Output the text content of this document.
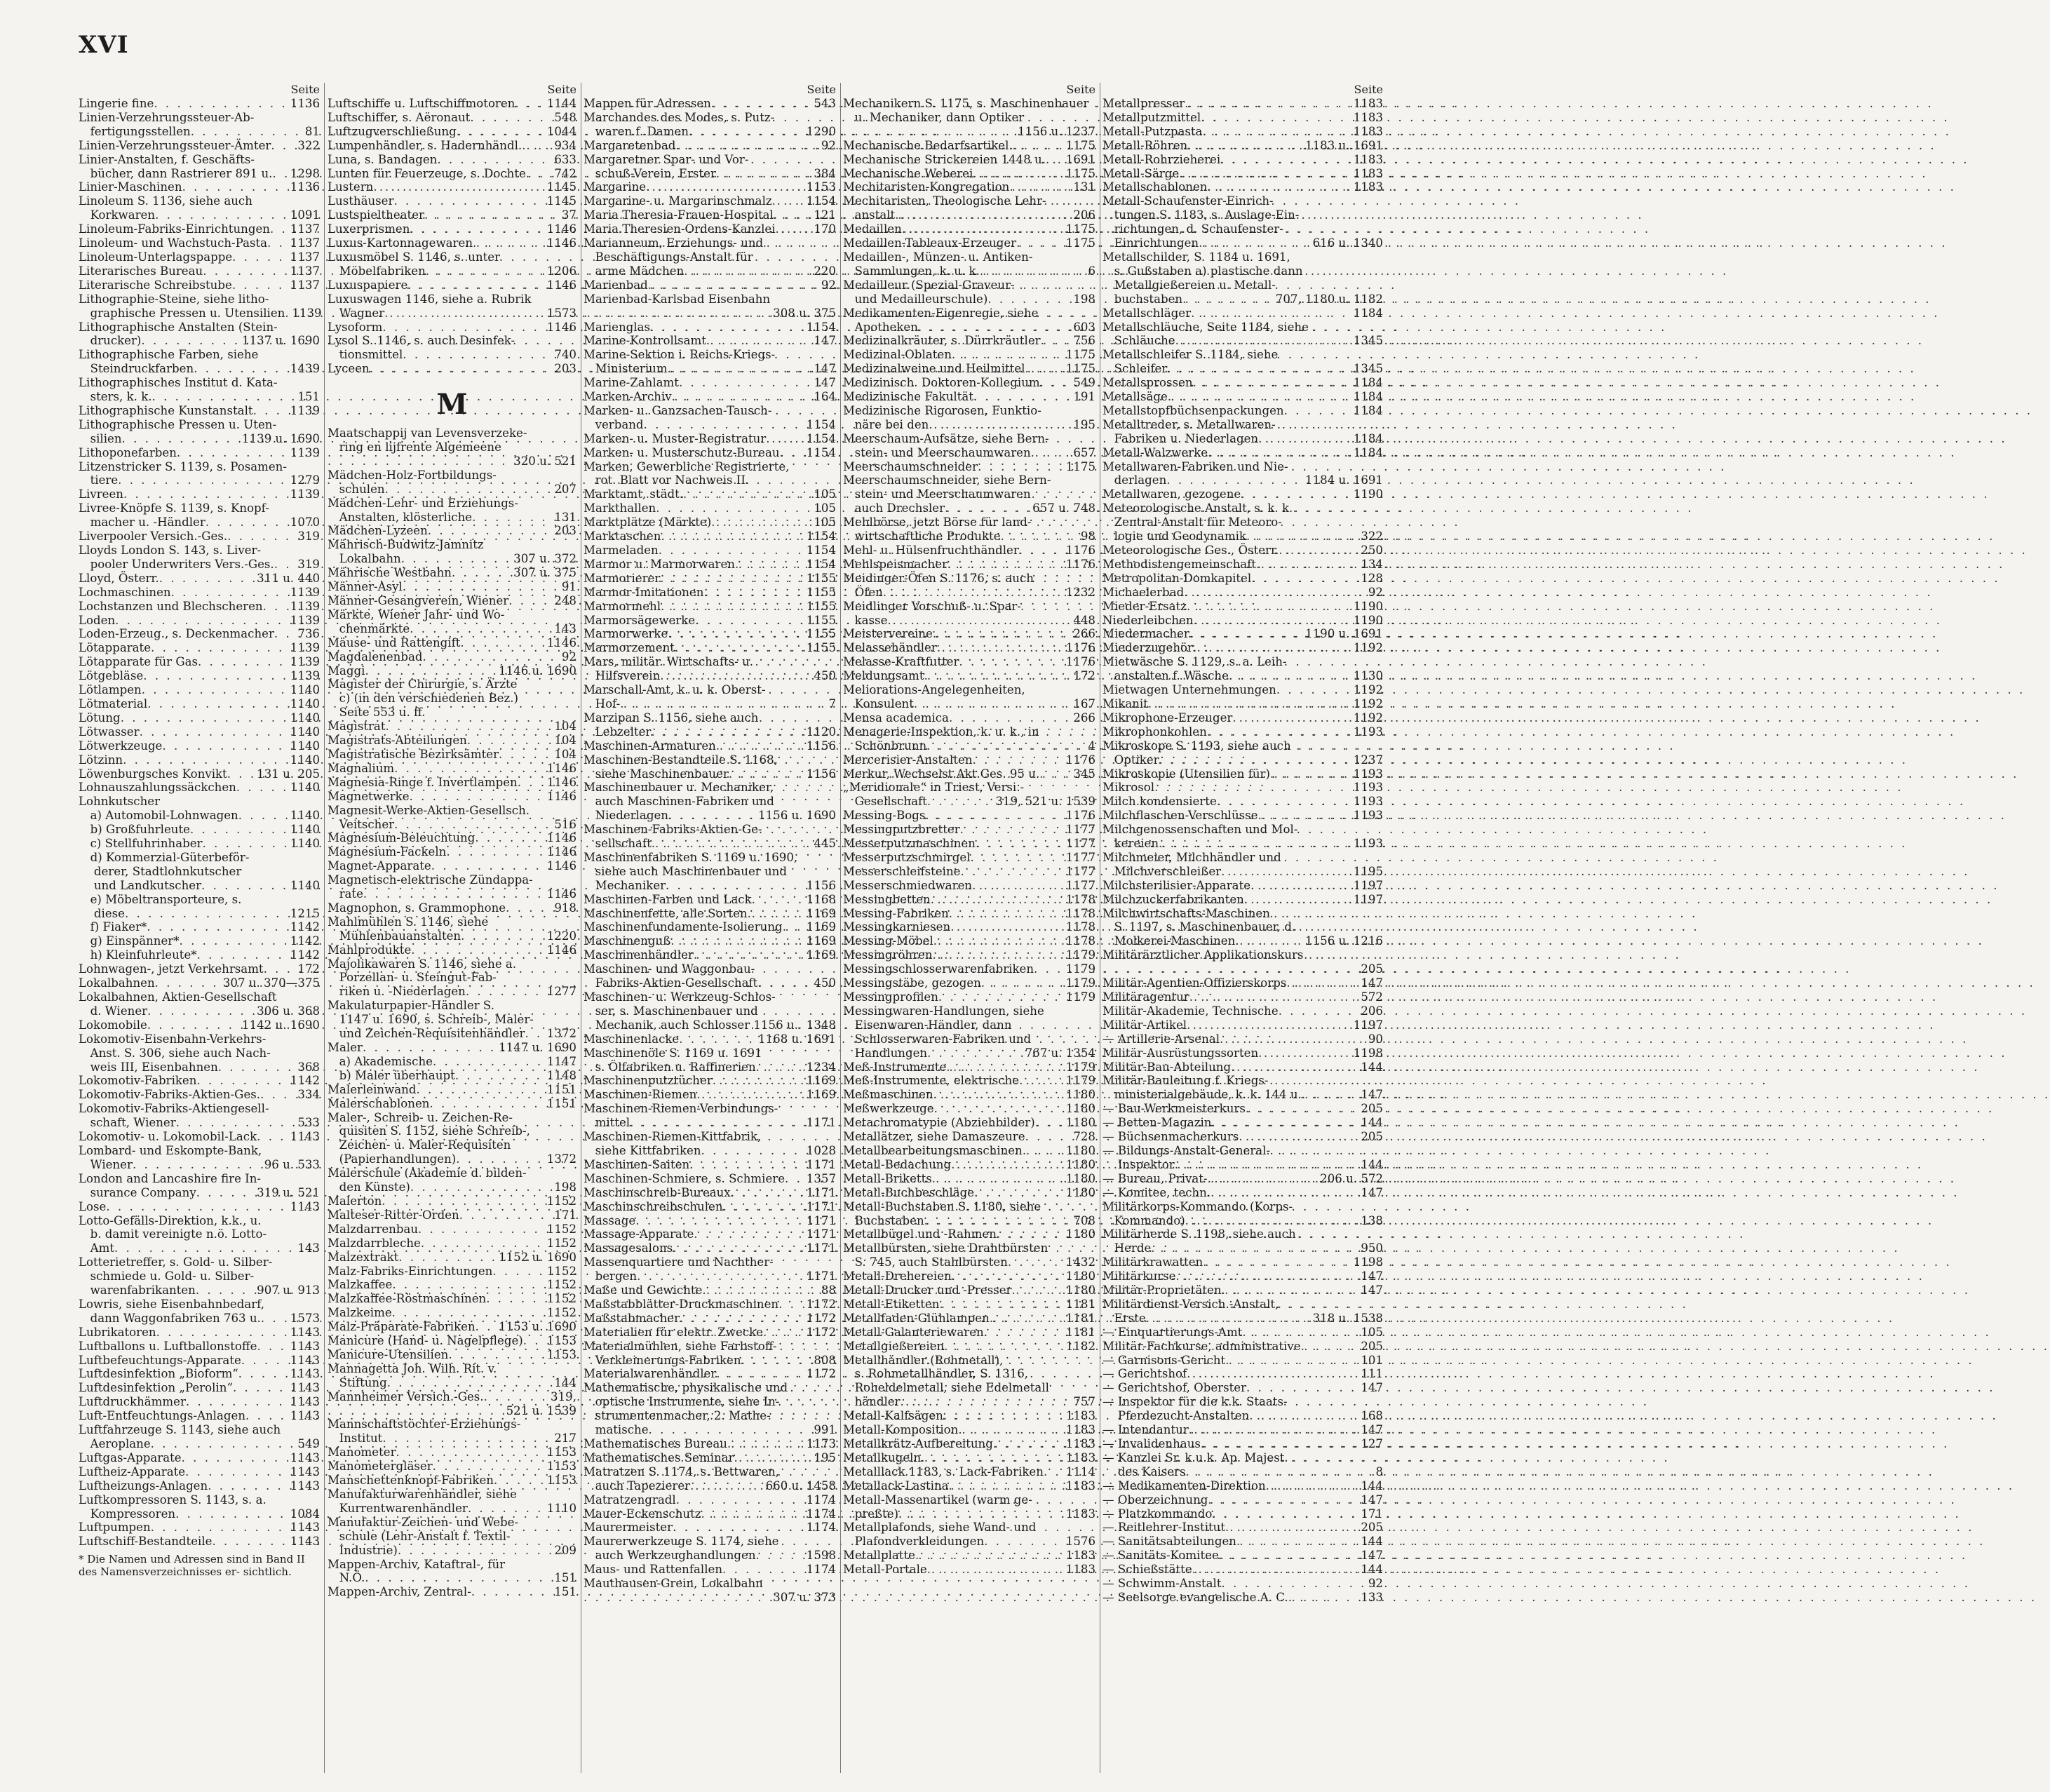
XVI
Seite
Lingerie fine . . .	1136
Linien-Verzehrungssteuer-Ab-
 fertigungsstellen . . .	81
Linien-Verzehrungssteuer-Ämter . . . 322
Linier-Anstalten, f. Geschäfts-
 bücher, dann Rastrierer 891 u. . . . 1298
Linier-Maschinen . . .	1136
Linoleum S. 1136, siehe auch
 Korkwaren . . .	1091
Linoleum-Fabriks-Einrichtungen . . . 1137
Linoleum- und Wachstuch-Pasta . . . 1137
Linoleum-Unterlagspappe . . .	1137
Literarisches Bureau . . .	1137
Literarische Schreibstube . . .	1137
Lithographie-Steine, siehe litho-
 graphische Pressen u. Utensilien . . . 1139
Lithographische Anstalten (Stein-
 drucker) . . .	1137 u. 1690
Lithographische Farben, siehe
 Steindruckfarben . . .	1439
Lithographisches Institut d. Kata-
 sters, k. k. . . .	151
Lithographische Kunstanstalt . . .	1139
Lithographische Pressen u. Uten-
 silien . . .	1139 u. 1690
Lithoponefarben . . .	1139
Litzenstricker S. 1139, s. Posamen-
 tiere . . .	1279
Livreen . . .	1139
Livree-Knöpfe S. 1139, s. Knopf-
 macher u. -Händler . . .	1070
Liverpooler Versich.-Ges. . . .	319
Lloyds London S. 143, s. Liver-
 pooler Underwriters Vers.-Ges. . . . 319
Lloyd, Österr. . . .	311 u. 440
Lochmaschinen . . .	1139
Lochstanzen und Blechscheren . . . 1139
Loden . . .	1139
Loden-Erzeug., s. Deckenmacher . . . 736
Lötapparate . . .	1139
Lötapparate für Gas . . .	1139
Lötgebläse . . .	1139
Lötlampen . . .	1140
Lötmaterial . . .	1140
Lötung . . .	1140
Lötwasser . . .	1140
Lötwerkzeuge . . .	1140
Lötzinn . . .	1140
Löwenburgsches Konvikt . . .	131 u. 205
Lohnauszahlungssäckchen . . .	1140
Lohnkutscher
 a) Automobil-Lohnwagen . . .	1140
 b) Großfuhrleute . . .	1140
 c) Stellfuhrinhaber . . .	1140
 d) Kommerzial-Güterbeför-
  derer, Stadtlohnkutscher
  und Landkutscher . . .	1140
 e) Möbeltransporteure, s.
  diese . . .	1215
 f) Fiaker* . . .	1142
 g) Einspänner* . . .	1142
 h) Kleinfuhrleute* . . .	1142
Lohnwagen-, jetzt Verkehrsamt . . .	172
Lokalbahnen . . .	307 u. 370—375
Lokalbahnen, Aktien-Gesellschaft
 d. Wiener . . .	306 u. 368
Lokomobile . . .	1142 u. 1690
Lokomotiv-Eisenbahn-Verkehrs-
 Anst. S. 306, siehe auch Nach-
 weis III, Eisenbahnen . . .	368
Lokomotiv-Fabriken . . .	1142
Lokomotiv-Fabriks-Aktien-Ges. . . .	334
Lokomotiv-Fabriks-Aktiengesell-
 schaft, Wiener . . .	533
Lokomotiv- u. Lokomobil-Lack . . .	1143
Lombard- und Eskompte-Bank,
 Wiener . . .	96 u. 533
London and Lancashire fire In-
 surance Company . . .	319 u. 521
Lose . . .	1143
Lotto-Gefälls-Direktion, k.k., u.
 b. damit vereinigte n.ö. Lotto-
 Amt . . .	143
Lotterietreffer, s. Gold- u. Silber-
 schmiede u. Gold- u. Silber-
 warenfabrikanten . . .	907 u. 913
Lowris, siehe Eisenbahnbedarf,
 dann Waggonfabriken 763 u. . . .	1573
Lubrikatoren . . .	1143
Luftballons u. Luftballonstoffe . . .	1143
Luftbefeuchtungs-Apparate . . .	1143
Luftdesinfektion „Bioform“ . . .	1143
Luftdesinfektion „Perolin“ . . .	1143
Luftdruckhämmer . . .	1143
Luft-Entfeuchtungs-Anlagen . . .	1143
Luftfahrzeuge S. 1143, siehe auch
 Aeroplane . . .	549
Luftgas-Apparate . . .	1143
Luftheiz-Apparate . . .	1143
Luftheizungs-Anlagen . . .	1143
Luftkompressoren S. 1143, s. a.
 Kompressoren . . .	1084
Luftpumpen . . .	1143
Luftschiff-Bestandteile . . .	1143
* Die Namen und Adressen sind in Band II des Namensverzeichnisses er- sichtlich.
Seite
Luftschiffe u. Luftschiffmotoren . . .	1144
Luftschiffer, s. Aëronaut . . .	548
Luftzugverschließung . . .	1044
Lumpenhändler, s. Hadernhändl. . . .	934
Luna, s. Bandagen . . .	633
Lunten für Feuerzeuge, s. Dochte . . . 742
Lustern . . .	1145
Lusthäuser . . .	1145
Lustspieltheater . . .	37
Luxerprismen . . .	1146
Luxus-Kartonnagewaren . . .	1146
Luxusmöbel S. 1146, s. unter
 Möbelfabriken . . .	1206
Luxuspapiere . . .	1146
Luxuswagen 1146, siehe a. Rubrik
 Wagner . . .	1573
Lysoform . . .	1146
Lysol S. 1146, s. auch Desinfek-
 tionsmittel . . .	740
Lyceen . . .	203
M
Maatschappij van Levensverzeke-
 ring en lijfrente Algemeene
. . .
320 u. 521
Mädchen-Holz-Fortbildungs-
 schulen . . .	207
Mädchen-Lehr- und Erziehungs-
 Anstalten, klösterliche . . .	131
Mädchen-Lyzeen . . .	203
Mährisch-Budwitz-Jamnitz
 Lokalbahn . . .	307 u. 372
Mährische Westbahn . . .	307 u. 375
Männer-Asyl . . .	91
Männer-Gesangverein, Wiener . . .	248
Märkte, Wiener Jahr- und Wo-
 chenmärkte . . .	143
Mäuse- und Rattengift . . .	1146
Magdalenenbad . . .	92
Maggi . . .	1146 u. 1690
Magister der Chirurgie, s. Ärzte
 c) (in den verschiedenen Bez.)
 Seite 553 u. ff.
Magistrat . . .	104
Magistrats-Abteilungen . . .	104
Magistratische Bezirksämter . . .	104
Magnalium . . .	1146
Magnesia-Ringe f. Invertlampen . . .	1146
Magnetwerke . . .	1146
Magnesit-Werke-Aktien-Gesellsch.
 Veitscher . . .	516
Magnesium-Beleuchtung . . .	1146
Magnesium-Fackeln . . .	1146
Magnet-Apparate . . .	1146
Magnetisch-elektrische Zündappa-
 rate . . .	1146
Magnophon, s. Grammophone . . .	918
Mahlmühlen S. 1146, siehe
 Mühlenbauanstalten . . .	1220
Mahlprodukte . . .	1146
Majolikawaren S. 1146, siehe a.
 Porzellan- u. Steingut-Fab-
 riken u. -Niederlagen . . .	1277
Makulaturpapier-Händler S.
 1147 u. 1690, s. Schreib-, Maler-
 und Zeichen-Requisitenhändler . . . 1372
Maler . . .	1147 u. 1690
 a) Akademische . . .	1147
 b) Maler überhaupt . . .	1148
Malerleinwand . . .	1151
Malerschablonen . . .	1151
Maler-, Schreib- u. Zeichen-Re-
 quisiten S. 1152, siehe Schreib-,
 Zeichen- u. Maler-Requisiten
 (Papierhandlungen) . . .	1372
Malerschule (Akademie d. bilden-
 den Künste) . . .	198
Malerton . . .	1152
Malteser-Ritter-Orden . . .	171
Malzdarrenbau . . .	1152
Malzdarrbleche . . .	1152
Malzextrakt . . .	1152 u. 1690
Malz-Fabriks-Einrichtungen . . .	1152
Malzkaffee . . .	1152
Malzkaffee-Röstmaschinen . . .	1152
Malzkeime . . .	1152
Malz-Präparate-Fabriken . . . 1153 u. 1690
Manicure (Hand- u. Nagelpflege) . . . 1153
Manicure-Utensilien . . .	1153
Mannagetta Joh. Wilh. Rit. v.
 Stiftung . . .	144
Mannheimer Versich.-Ges. . . .	319,
. . .
521 u. 1539
Mannschaftstöchter-Erziehungs-
 Institut . . .	217
Manometer . . .	1153
Manometergläser . . .	1153
Manschettenknopf-Fabriken . . .	1153
Manufakturwarenhändler, siehe
 Kurrentwarenhändler . . .	1110
Manufaktur-Zeichen- und Webe-
 schule (Lehr-Anstalt f. Textil-
 Industrie) . . .	209
Mappen-Archiv, Kataftral-, für
 N.Ö. . . .	151
Mappen-Archiv, Zentral- . . .	151
Seite
Mappen für Adressen . . .	543
Marchandes des Modes, s. Putz-
 waren f. Damen . . .	1290
Margaretenbad . . .	92
Margaretner Spar- und Vor-
 schuß-Verein, Erster . . .	384
Margarine . . .	1153
Margarine- u. Margarinschmalz . . .	1154
Maria Theresia-Frauen-Hospital . . .	121
Maria Theresien-Ordens-Kanzlei . . .	170
Marianneum, Erziehungs- und
 Beschäftigungs-Anstalt für
 arme Mädchen . . .	220
Marienbad . . .	92
Marienbad-Karlsbad Eisenbahn
. . .
308 u. 375
Marienglas . . .	1154
Marine-Kontrollsamt . . .	147
Marine-Sektion i. Reichs-Kriegs-
 Ministerium . . .	147
Marine-Zahlamt . . .	147
Marken-Archiv . . .	164
Marken- u. Ganzsachen-Tausch-
 verband . . .	1154
Marken- u. Muster-Registratur . . .	1154
Marken- u. Musterschutz-Bureau . . . 1154
Marken, Gewerbliche Registrierte,
 rot. Blatt vor Nachweis II.
Marktamt, städt. . . .	105
Markthallen . . .	105
Marktplätze (Märkte) . . .	105
Marktaschen . . .	1154
Marmeladen . . .	1154
Marmor u. Marmorwaren . . .	1154
Marmorierer . . .	1155
Marmor-Imitationen . . .	1155
Marmormehl . . .	1155
Marmorsägewerke . . .	1155
Marmorwerke . . .	1155
Marmorzement . . .	1155
Mars, militär. Wirtschafts- u.
 Hilfsverein . . .	450
Marschall-Amt, k. u. k. Oberst-
 Hof- . . .	7
Marzipan S. 1156, siehe auch
 Lebzelter . . .	1120
Maschinen-Armaturen . . .	1156
Maschinen-Bestandteile S. 1168,
 siehe Maschinenbauer . . .	1156
Maschinenbauer u. Mechaniker,
 auch Maschinen-Fabriken und
 Niederlagen . . .	1156 u. 1690
Maschinen-Fabriks-Aktien-Ge-
 sellschaft . . .	445
Maschinenfabriken S. 1169 u. 1690,
 siehe auch Maschinenbauer und
 Mechaniker . . .	1156
Maschinen-Farben und Lack . . .	1168
Maschinenfette, alle Sorten . . .	1169
Maschinenfundamente-Isolierung . . . 1169
Maschinenguß . . .	1169
Maschinenhändler . . .	1169
Maschinen- und Waggonbau-
 Fabriks-Aktien-Gesellschaft . . .	450
Maschinen- u. Werkzeug-Schlos-
 ser, s. Maschinenbauer und
 Mechanik, auch Schlosser 1156 u. . . . 1348
Maschinenlacke . . .	1168 u. 1691
Maschinenöle S. 1169 u. 1691
 s. Ölfabriken u. Raffinerien . . .	1234
Maschinenputztücher . . .	1169
Maschinen-Riemen . . .	1169
Maschinen-Riemen-Verbindungs-
 mittel . . .	1171
Maschinen-Riemen-Kittfabrik,
 siehe Kittfabriken . . .	1028
Maschinen-Saiten . . .	1171
Maschinen-Schmiere, s. Schmiere . . . 1357
Maschinschreib-Bureaux . . .	1171
Maschinschreibschulen . . .	1171
Massage . . .	1171
Massage-Apparate . . .	1171
Massagesalons . . .	1171
Massenquartiere und Nachther-
 bergen . . .	1171
Maße und Gewichte . . .	88
Maßstabblätter-Druckmaschinen . . . 1172
Maßstabmacher . . .	1172
Materialien für elektr. Zwecke . . .	1172
Materialmühlen, siehe Farbstoff-
 Verkleinerungs-Fabriken . . .	808
Materialwarenhändler . . .	1172
Mathematische, physikalische und
 optische Instrumente, siehe In-
 strumentenmacher, 2. Mathe-
 matische . . .	991
Mathematisches Bureau . . .	1173
Mathematisches Seminar . . .	195
Matratzen S. 1174, s. Bettwaren,
 auch Tapezierer . . .	660 u. 1458
Matratzengradl . . .	1174
Mauer-Eckenschutz . . .	1174
Maurermeister . . .	1174
Maurerwerkzeuge S. 1174, siehe
 auch Werkzeughandlungen . . .	1598
Maus- und Rattenfallen . . .	1174
Mauthausen-Grein, Lokalbahn
. . .
307 u. 373
Seite
Mechanikern S. 1175, s. Maschinenbauer
 u. Mechaniker, dann Optiker
. . .
1156 u. 1237
Mechanische Bedarfsartikel . . .	1175
Mechanische Strickereien 1448 u. . . . 1691
Mechanische Weberei . . .	1175
Mechitaristen-Kongregation . . .	131
Mechitaristen, Theologische Lehr-
 anstalt . . .	206
Medaillen . . .	1175
Medaillen-Tableaux-Erzeuger . . .	1175
Medaillen-, Münzen- u. Antiken-
 Sammlungen, k. u. k. . . .	6
Medailleur (Spezial-Graveur-
 und Medailleurschule) . . .	198
Medikamenten-Eigenregie, siehe
 Apotheken . . .	603
Medizinalkräuter, s. Dürrkräutler . . .	756
Medizinal-Oblaten . . .	1175
Medizinalweine und Heilmittel . . .	1175
Medizinisch. Doktoren-Kollegium . . .	549
Medizinische Fakultät . . .	191
Medizinische Rigorosen, Funktio-
 näre bei den . . .	195
Meerschaum-Aufsätze, siehe Bern-
 stein- und Meerschaumwaren . . .	657
Meerschaumschneider . . .	1175
Meerschaumschneider, siehe Bern-
 stein- und Meerschaumwaren
 auch Drechsler . . .	657 u. 748
Mehlbörse, jetzt Börse für land-
 wirtschaftliche Produkte . . .	98
Mehl- u. Hülsenfruchthändler . . .	1176
Mehlspeismacher . . .	1176
Meidinger-Öfen S. 1176, s. auch
 Öfen . . .	1232
Meidlinger Vorschuß- u. Spar-
 kasse . . .	448
Meistervereine . . .	266
Melassehändler . . .	1176
Melasse-Kraftfutter . . .	1176
Meldungsamt . . .	172
Meliorations-Angelegenheiten,
 Konsulent . . .	167
Mensa academica . . .	266
Menagerie-Inspektion, k. u. k., in
 Schönbrunn . . .	4
Mercerisier-Anstalten . . .	1176
Merkur, Wechselst.Akt.Ges. 95 u. . . .	345
„Meridionale“ in Triest, Versi.-
 Gesellschaft . . .	319, 521 u. 1539
Messing-Bogs . . .	1176
Messingputzbretter . . .	1177
Messerputzmaschinen . . .	1177
Messerputzschmirgel . . .	1177
Messerschleifsteine . . .	1177
Messerschmiedwaren . . .	1177
Messingbetten . . .	1178
Messing-Fabriken . . .	1178
Messingkarniesen . . .	1178
Messing-Möbel . . .	1178
Messingröhren . . .	1179
Messingschlosserwarenfabriken . . .	1179
Messingstäbe, gezogen . . .	1179
Messingprofilen . . .	1179
Messingwaren-Handlungen, siehe
 Eisenwaren-Händler, dann
 Schlosserwaren-Fabriken und
 Handlungen . . .	767 u. 1354
Meß-Instrumente . . .	1179
Meß-Instrumente, elektrische . . .	1179
Meßmaschinen . . .	1180
Meßwerkzeuge . . .	1180
Metachromatypie (Abziehbilder) . . .	1180
Metallätzer, siehe Damaszeure . . .	728
Metallbearbeitungsmaschinen . . .	1180
Metall-Bedachung . . .	1180
Metall-Briketts . . .	1180
Metall-Buchbeschläge . . .	1180
Metall-Buchstaben S. 1180, siehe
 Buchstaben . . .	708
Metallbügel und -Rahmen . . .	1180
Metallbürsten, siehe Drahtbürsten
 S. 745, auch Stahlbürsten . . .	1432
Metall-Drehereien . . .	1180
Metall-Drucker und -Presser . . .	1180
Metall-Etiketten . . .	1181
Metallfaden-Glühlampen . . .	1181
Metall-Galanteriewaren . . .	1181
Metallgießereien . . .	1182
Metallhändler (Rohmetall),
 s. Rohmetallhändler, S. 1316,
 Roheldelmetall, siehe Edelmetall
 händler . . .	757
Metall-Kalfsägen . . .	1183
Metall-Komposition . . .	1183
Metallkrätz-Aufbereitung . . .	1183
Metallkugeln . . .	1183
Metalllack 1183, s. Lack-Fabriken . . . 1114
Metallack-Lastina . . .	1183
Metall-Massenartikel (warm ge-
 preßte) . . .	1183
Metallplafonds, siehe Wand- und
 Plafondverkleidungen . . .	1576
Metallplatte . . .	1183
Metall-Portale . . .	1183
Seite
Metallpresser . . .	1183
Metallputzmittel . . .	1183
Metall-Putzpasta . . .	1183
Metall-Röhren . . .	1183 u. 1691
Metall-Rohrzieherei . . .	1183
Metall-Särge . . .	1183
Metallschablonen . . .	1183
Metall-Schaufenster-Einrich-
 tungen S. 1183, s. Auslage-Ein-
 richtungen, d. Schaufenster-
 Einrichtungen . . .	616 u. 1340
Metallschilder, S. 1184 u. 1691,
 s. Gußstaben a) plastische dann
 Metallgießereien u. Metall-
 buchstaben . . .	707, 1180 u. 1182
Metallschläger . . .	1184
Metallschläuche, Seite 1184, siehe
 Schläuche . . .	1345
Metallschleifer S. 1184, siehe
 Schleifer . . .	1345
Metallsprossen . . .	1184
Metallsäge . . .	1184
Metallstopfbüchsenpackungen . . .	1184
Metalltreder, s. Metallwaren-
 Fabriken u. Niederlagen . . .	1184
Metall-Walzwerke . . .	1184
Metallwaren-Fabriken und Nie-
 derlagen . . .	1184 u. 1691
Metallwaren, gezogene . . .	1190
Meteorologische Anstalt, s. k. k.
 Zentral-Anstalt für Meteoro-
 logie und Geodynamik . . .	322
Meteorologische Ges., Österr. . . .	250
Methodistengemeinschaft . . .	134
Metropolitan-Domkapitel . . .	128
Michaelerbad . . .	92
Mieder-Ersatz . . .	1190
Niederleibchen . . .	1190
Miedermacher . . .	1190 u. 1691
Miederzugehör . . .	1192
Mietwäsche S. 1129, s. a. Leih-
 anstalten f. Wäsche . . .	1130
Mietwagen Unternehmungen . . .	1192
Mikanit . . .	1192
Mikrophone-Erzeuger . . .	1192
Mikrophonkohlen . . .	1193
Mikroskope S. 1193, siehe auch
 Optiker . . .	1237
Mikroskopie (Utensilien für) . . .	1193
Mikrosol . . .	1193
Milch kondensierte . . .	1193
Milchflaschen-Verschlüsse . . .	1193
Milchgenossenschaften und Mol-
 kereien . . .	1193
Milchmeier, Milchhändler und
 Milchverschleißer . . .	1195
Milchsterilisier-Apparate . . .	1197
Milchzuckerfabrikanten . . .	1197
Milchwirtschafts-Maschinen
 S. 1197, s. Maschinenbauer, d.
 Molkerei-Maschinen . . .	1156 u. 1216
Militärärztlicher Applikationskurs
. . .
205
Militär-Agentien-Offizierskorps . . .	147
Militäragentur . . .	572
Militär-Akademie, Technische . . .	206
Militär-Artikel . . .	1197
— Artillerie-Arsenal . . .	90
Militär-Ausrüstungssorten . . .	1198
Militär-Bau-Abteilung . . .	144
Militär-Bauleitung f. Kriegs-
 ministerialgebäude, k. k. 144 u. . . .	147
— Bau-Werkmeisterkurs . . .	205
— Betten-Magazin . . .	144
— Büchsenmacherkurs . . .	205
— Bildungs-Anstalt-General-
  Inspektor . . .	144
— Bureau, Privat- . . .	206 u. 572
— Komitee, techn. . . .	147
Militärkorps-Kommando (Korps-
 Kommando) . . .	138
Militärherde S. 1198, siehe auch
 Herde . . .	950
Militärkrawatten . . .	1198
Militärkurse . . .	147
Militär-Proprietäten . . .	147
Militärdienst-Versich.-Anstalt,
 Erste . . .	318 u. 1538
— Einquartierungs-Amt . . .	105
Militär-Fachkurse, administrative . . .	205
— Garnisons-Gericht . . .	101
— Gerichtshof . . .	111
— Gerichtshof, Oberster . . .	147
— Inspektor für die k.k. Staats-
  Pferdezucht-Anstalten . . .	168
— Intendantur . . .	147
— Invalidenhaus . . .	127
— Kanzlei Sr. k.u.k. Ap. Majest.
  des Kaisers . . .	8
— Medikamenten-Direktion . . .	144
— Oberzeichnung . . .	147
— Platzkommando . . .	171
— Reitlehrer-Institut . . .	205
— Sanitätsabteilungen . . .	144
— Sanitäts-Komitee . . .	147
— Schießstätte . . .	144
— Schwimm-Anstalt . . .	92
— Seelsorge evangelische A. C. . . .	133
